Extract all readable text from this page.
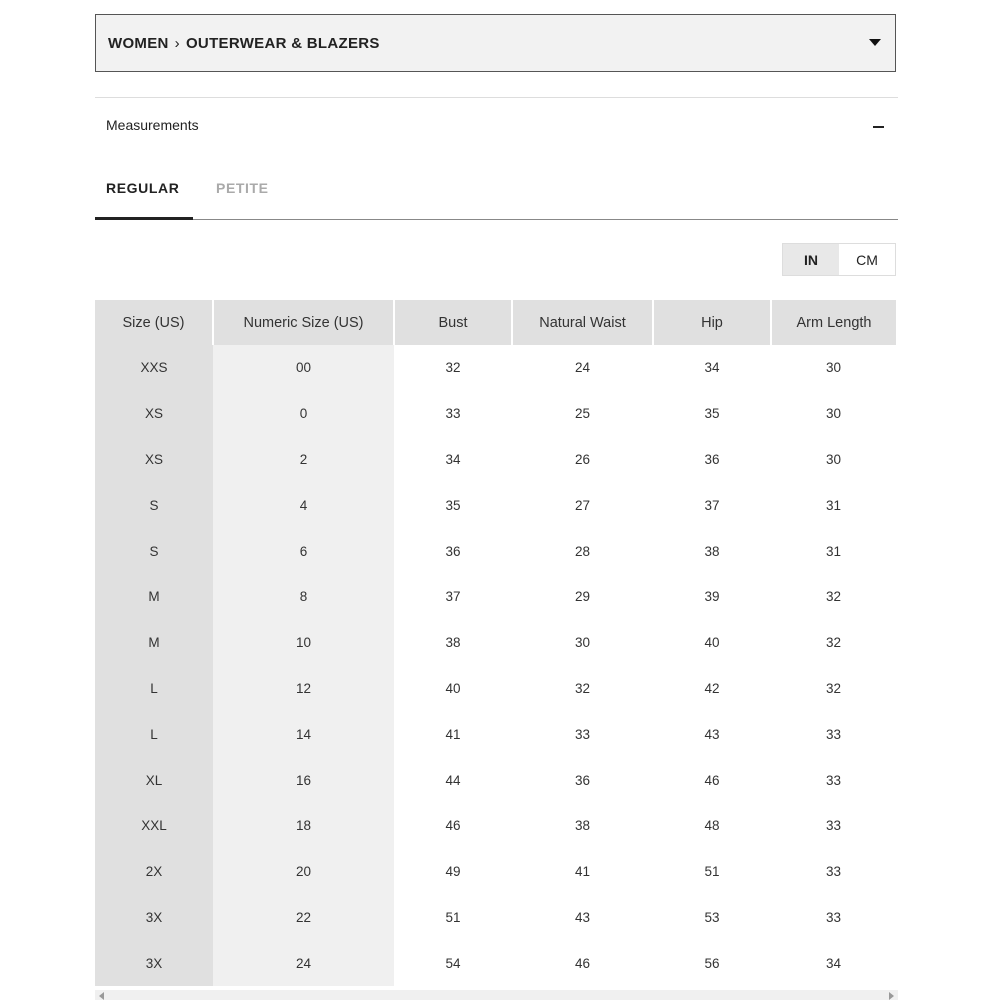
WOMEN › OUTERWEAR & BLAZERS
Measurements
REGULAR	PETITE
IN	CM
Size (US)	Numeric Size (US)	Bust	Natural Waist	Hip	Arm Length
XXS	00	32	24	34	30
XS	0	33	25	35	30
XS	2	34	26	36	30
S	4	35	27	37	31
S	6	36	28	38	31
M	8	37	29	39	32
M	10	38	30	40	32
L	12	40	32	42	32
L	14	41	33	43	33
XL	16	44	36	46	33
XXL	18	46	38	48	33
2X	20	49	41	51	33
3X	22	51	43	53	33
3X	24	54	46	56	34
